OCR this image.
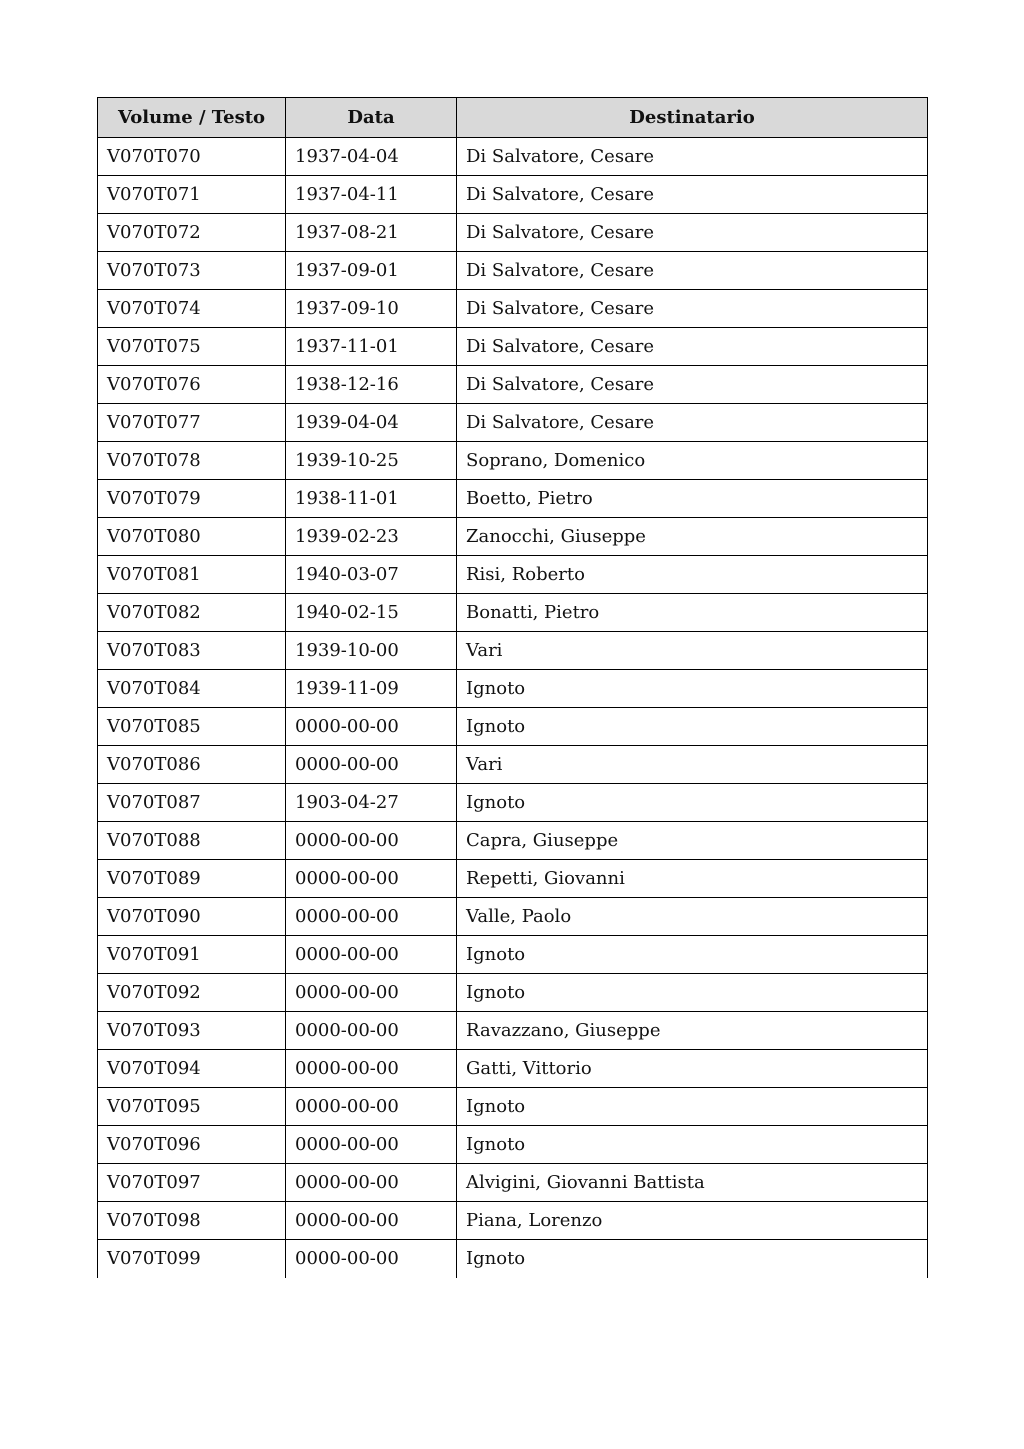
Volume / Testo	Data	Destinatario
V070T070	1937-04-04	Di Salvatore, Cesare
V070T071	1937-04-11	Di Salvatore, Cesare
V070T072	1937-08-21	Di Salvatore, Cesare
V070T073	1937-09-01	Di Salvatore, Cesare
V070T074	1937-09-10	Di Salvatore, Cesare
V070T075	1937-11-01	Di Salvatore, Cesare
V070T076	1938-12-16	Di Salvatore, Cesare
V070T077	1939-04-04	Di Salvatore, Cesare
V070T078	1939-10-25	Soprano, Domenico
V070T079	1938-11-01	Boetto, Pietro
V070T080	1939-02-23	Zanocchi, Giuseppe
V070T081	1940-03-07	Risi, Roberto
V070T082	1940-02-15	Bonatti, Pietro
V070T083	1939-10-00	Vari
V070T084	1939-11-09	Ignoto
V070T085	0000-00-00	Ignoto
V070T086	0000-00-00	Vari
V070T087	1903-04-27	Ignoto
V070T088	0000-00-00	Capra, Giuseppe
V070T089	0000-00-00	Repetti, Giovanni
V070T090	0000-00-00	Valle, Paolo
V070T091	0000-00-00	Ignoto
V070T092	0000-00-00	Ignoto
V070T093	0000-00-00	Ravazzano, Giuseppe
V070T094	0000-00-00	Gatti, Vittorio
V070T095	0000-00-00	Ignoto
V070T096	0000-00-00	Ignoto
V070T097	0000-00-00	Alvigini, Giovanni Battista
V070T098	0000-00-00	Piana, Lorenzo
V070T099	0000-00-00	Ignoto
